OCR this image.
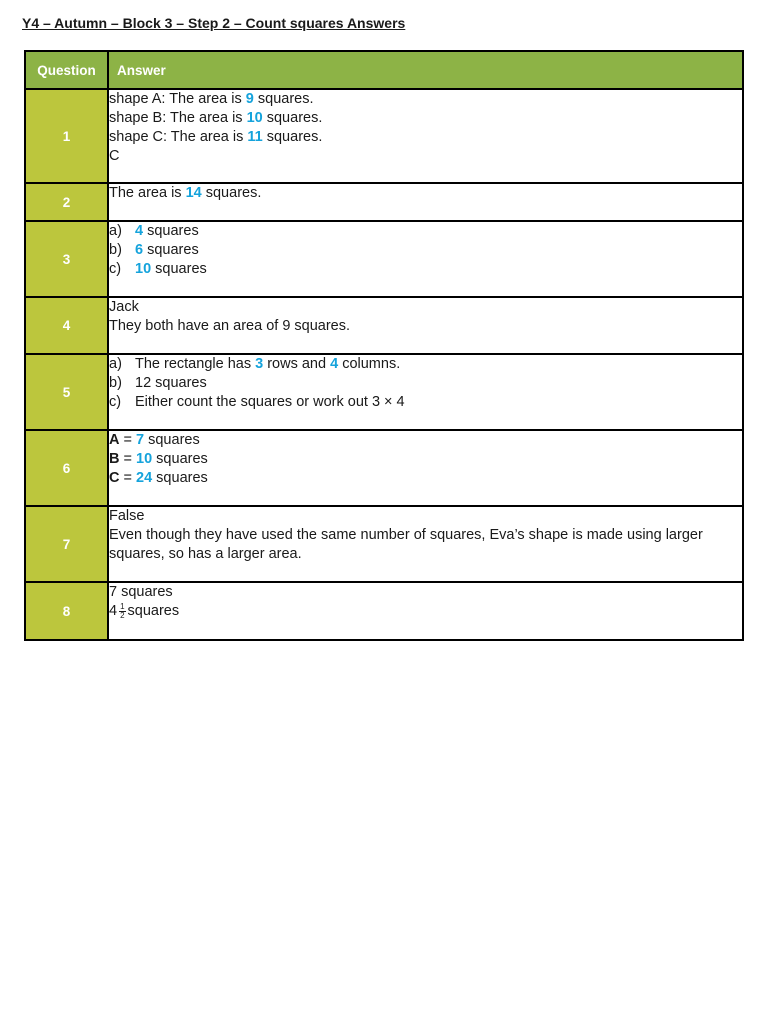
Y4 – Autumn – Block 3 – Step 2 – Count squares Answers
Question	Answer
1	shape A: The area is 9 squares.
shape B: The area is 10 squares.
shape C: The area is 11 squares.
C

2	The area is 14 squares.

3	a) 4 squares
b) 6 squares
c) 10 squares

4	Jack
They both have an area of 9 squares.

5	a) The rectangle has 3 rows and 4 columns.
b) 12 squares
c) Either count the squares or work out 3 × 4

6	A = 7 squares
B = 10 squares
C = 24 squares

7	False
Even though they have used the same number of squares, Eva’s shape is made using larger squares, so has a larger area.

8	7 squares
$4 \frac{1}{2}$ squares
